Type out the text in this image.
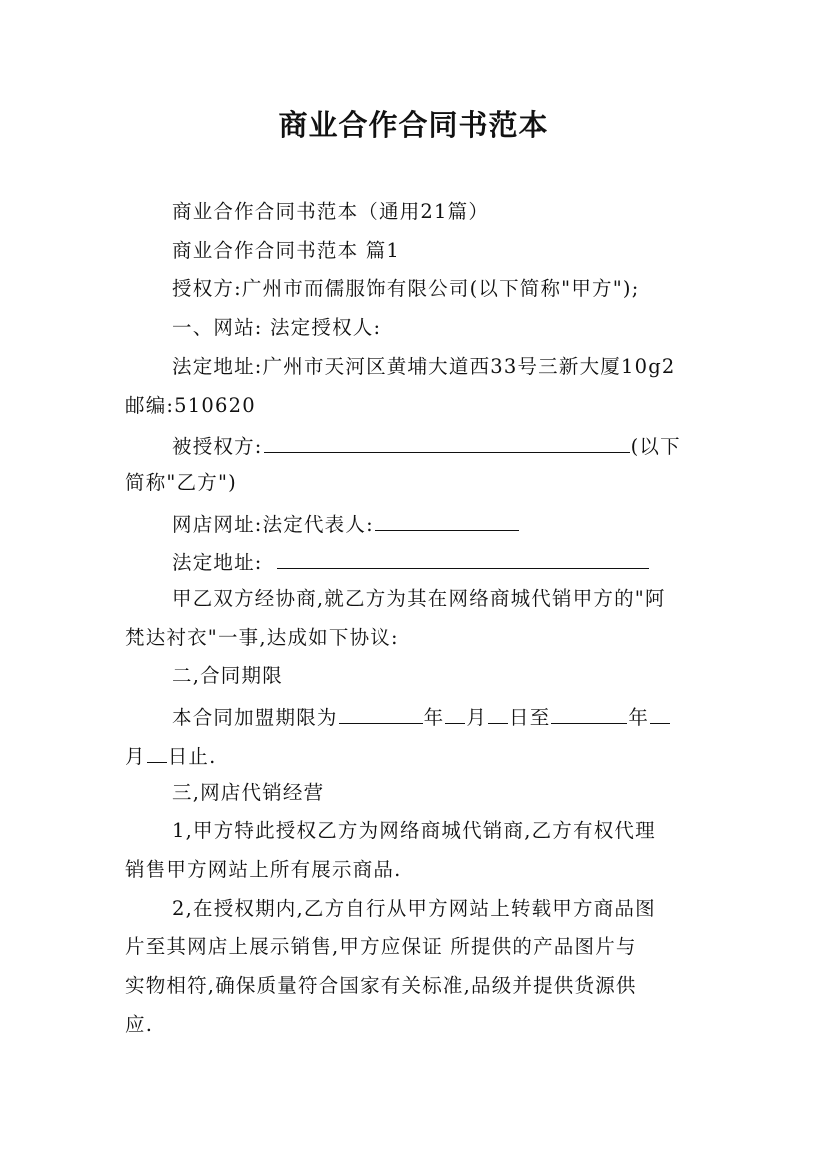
商业合作合同书范本
商业合作合同书范本（通用21篇）
商业合作合同书范本 篇1
授权方:广州市而儒服饰有限公司(以下简称"甲方");
一、网站: 法定授权人:
法定地址:广州市天河区黄埔大道西33号三新大厦10g2
邮编:510620
被授权方:	(以下
简称"乙方")
网店网址:法定代表人:
法定地址:
甲乙双方经协商,就乙方为其在网络商城代销甲方的"阿
梵达衬衣"一事,达成如下协议:
二,合同期限
本合同加盟期限为	年 月 日至	年
月 日止.
三,网店代销经营
1,甲方特此授权乙方为网络商城代销商,乙方有权代理
销售甲方网站上所有展示商品.
2,在授权期内,乙方自行从甲方网站上转载甲方商品图
片至其网店上展示销售,甲方应保证 所提供的产品图片与
实物相符,确保质量符合国家有关标准,品级并提供货源供
应.
